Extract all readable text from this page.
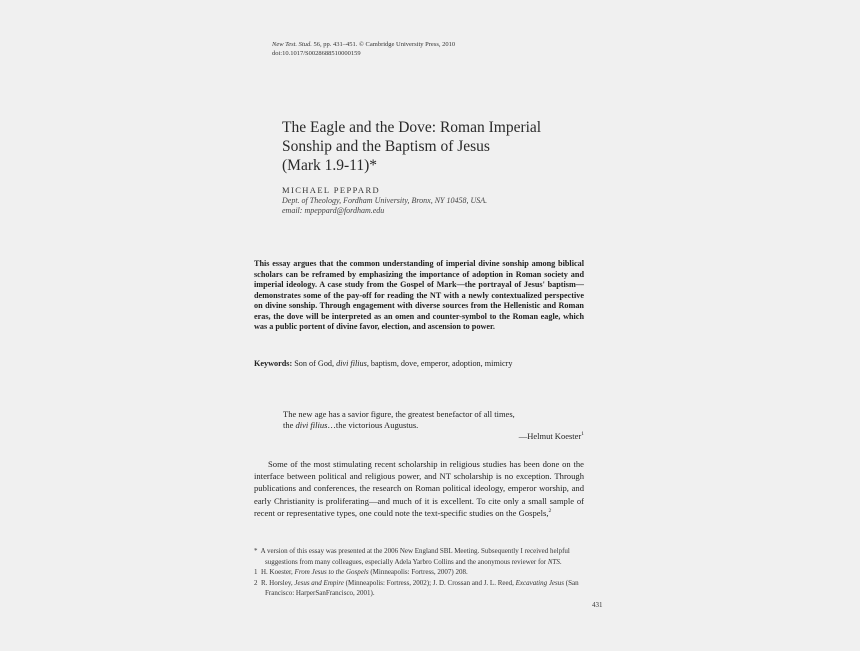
New Test. Stud. 56, pp. 431–451. © Cambridge University Press, 2010
doi:10.1017/S0028688510000159
The Eagle and the Dove: Roman Imperial
Sonship and the Baptism of Jesus
(Mark 1.9-11)*
MICHAEL PEPPARD
Dept. of Theology, Fordham University, Bronx, NY 10458, USA.
email: mpeppard@fordham.edu
This essay argues that the common understanding of imperial divine sonship among biblical scholars can be reframed by emphasizing the importance of adoption in Roman society and imperial ideology. A case study from the Gospel of Mark—the portrayal of Jesus' baptism—demonstrates some of the pay-off for reading the NT with a newly contextualized perspective on divine sonship. Through engagement with diverse sources from the Hellenistic and Roman eras, the dove will be interpreted as an omen and counter-symbol to the Roman eagle, which was a public portent of divine favor, election, and ascension to power.
Keywords: Son of God, divi filius, baptism, dove, emperor, adoption, mimicry
The new age has a savior figure, the greatest benefactor of all times,
the divi filius…the victorious Augustus.
—Helmut Koester$^1$
Some of the most stimulating recent scholarship in religious studies has been done on the interface between political and religious power, and NT scholarship is no exception. Through publications and conferences, the research on Roman political ideology, emperor worship, and early Christianity is proliferating—and much of it is excellent. To cite only a small sample of recent or representative types, one could note the text-specific studies on the Gospels,$^2$
* A version of this essay was presented at the 2006 New England SBL Meeting. Subsequently I received helpful suggestions from many colleagues, especially Adela Yarbro Collins and the anonymous reviewer for NTS.
1 H. Koester, From Jesus to the Gospels (Minneapolis: Fortress, 2007) 208.
2 R. Horsley, Jesus and Empire (Minneapolis: Fortress, 2002); J. D. Crossan and J. L. Reed, Excavating Jesus (San Francisco: HarperSanFrancisco, 2001).
431
